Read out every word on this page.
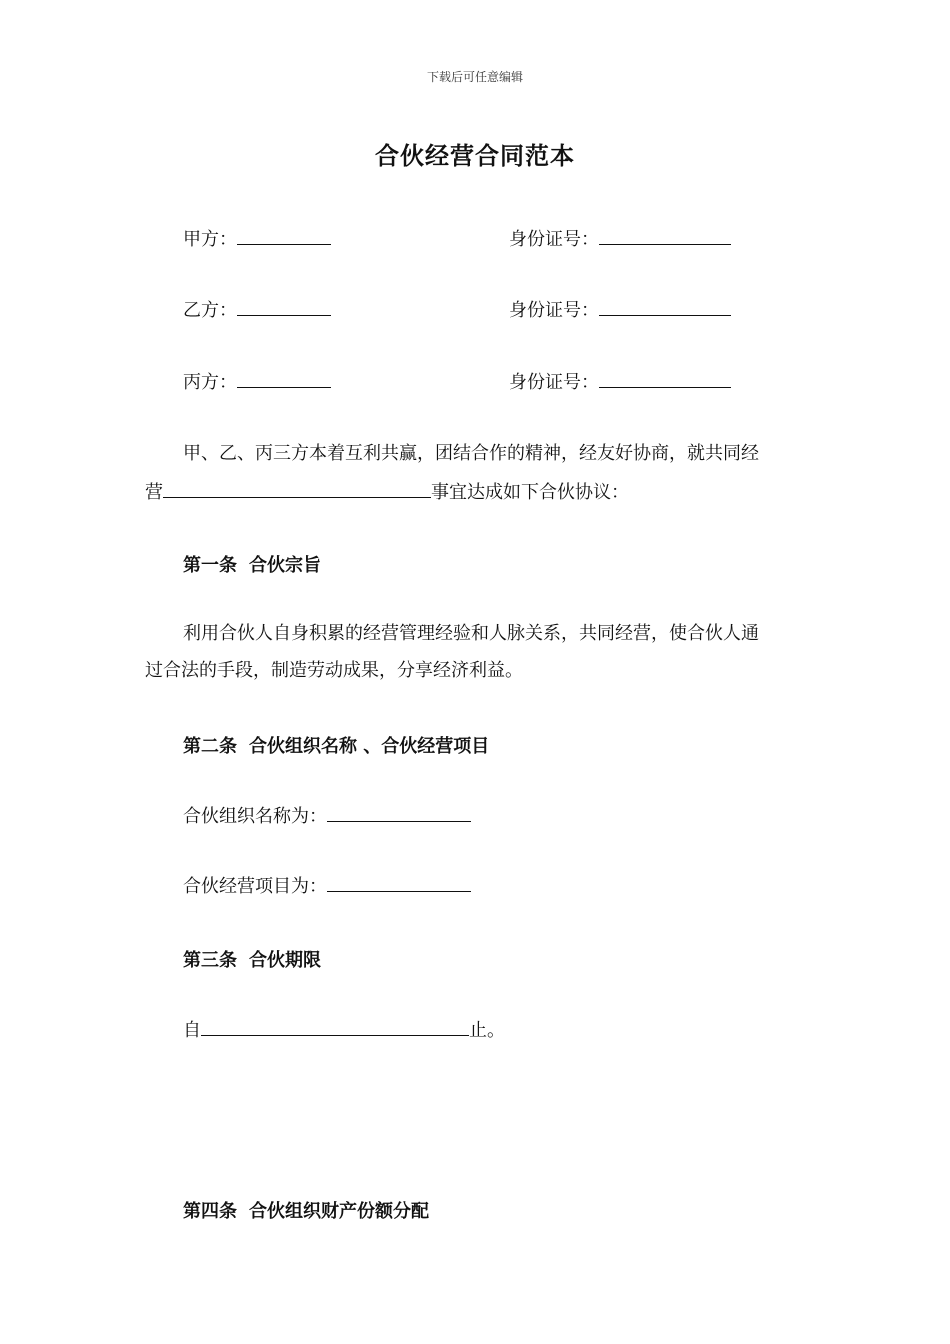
下载后可任意编辑
合伙经营合同范本
甲方：	身份证号：
乙方：	身份证号：
丙方：	身份证号：
甲、乙、丙三方本着互利共赢，团结合作的精神，经友好协商，就共同经
营	事宜达成如下合伙协议：
第一条 合伙宗旨
利用合伙人自身积累的经营管理经验和人脉关系，共同经营，使合伙人通
过合法的手段，制造劳动成果，分享经济利益。
第二条 合伙组织名称 、合伙经营项目
合伙组织名称为：
合伙经营项目为：
第三条 合伙期限
自	止。
第四条 合伙组织财产份额分配
